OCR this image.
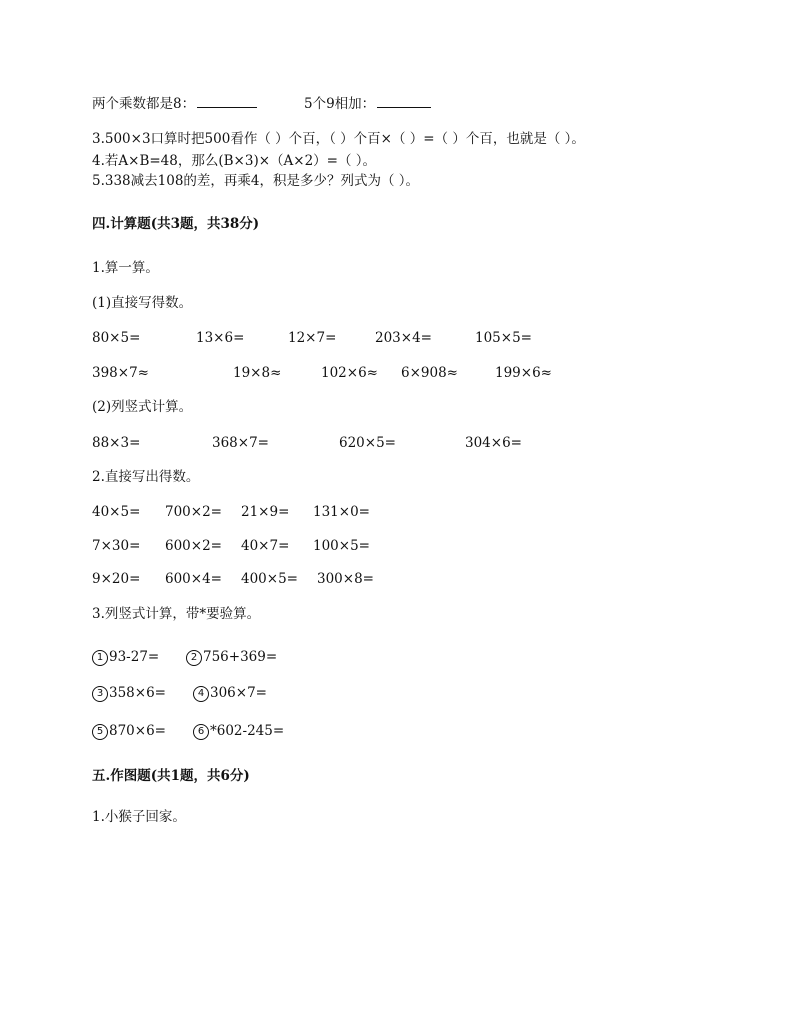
两个乘数都是8：	5个9相加：
3.500×3口算时把500看作（ ）个百，（ ）个百×（ ）=（ ）个百，也就是（ ）。
4.若A×B=48，那么(B×3)×（A×2）=（ ）。
5.338减去108的差，再乘4，积是多少？列式为（ ）。
四.计算题(共3题，共38分)
1.算一算。
(1)直接写得数。
80×5=	13×6=	12×7=	203×4=	105×5=
398×7≈	19×8≈	102×6≈ 6×908≈	199×6≈
(2)列竖式计算。
88×3=	368×7=	620×5=	304×6=
2.直接写出得数。
40×5= 700×2= 21×9= 131×0=
7×30= 600×2= 40×7= 100×5=
9×20= 600×4= 400×5= 300×8=
3.列竖式计算，带*要验算。
1 93-27=	2 756+369=
3 358×6=	4 306×7=
5 870×6=	6 *602-245=
五.作图题(共1题，共6分)
1.小猴子回家。
